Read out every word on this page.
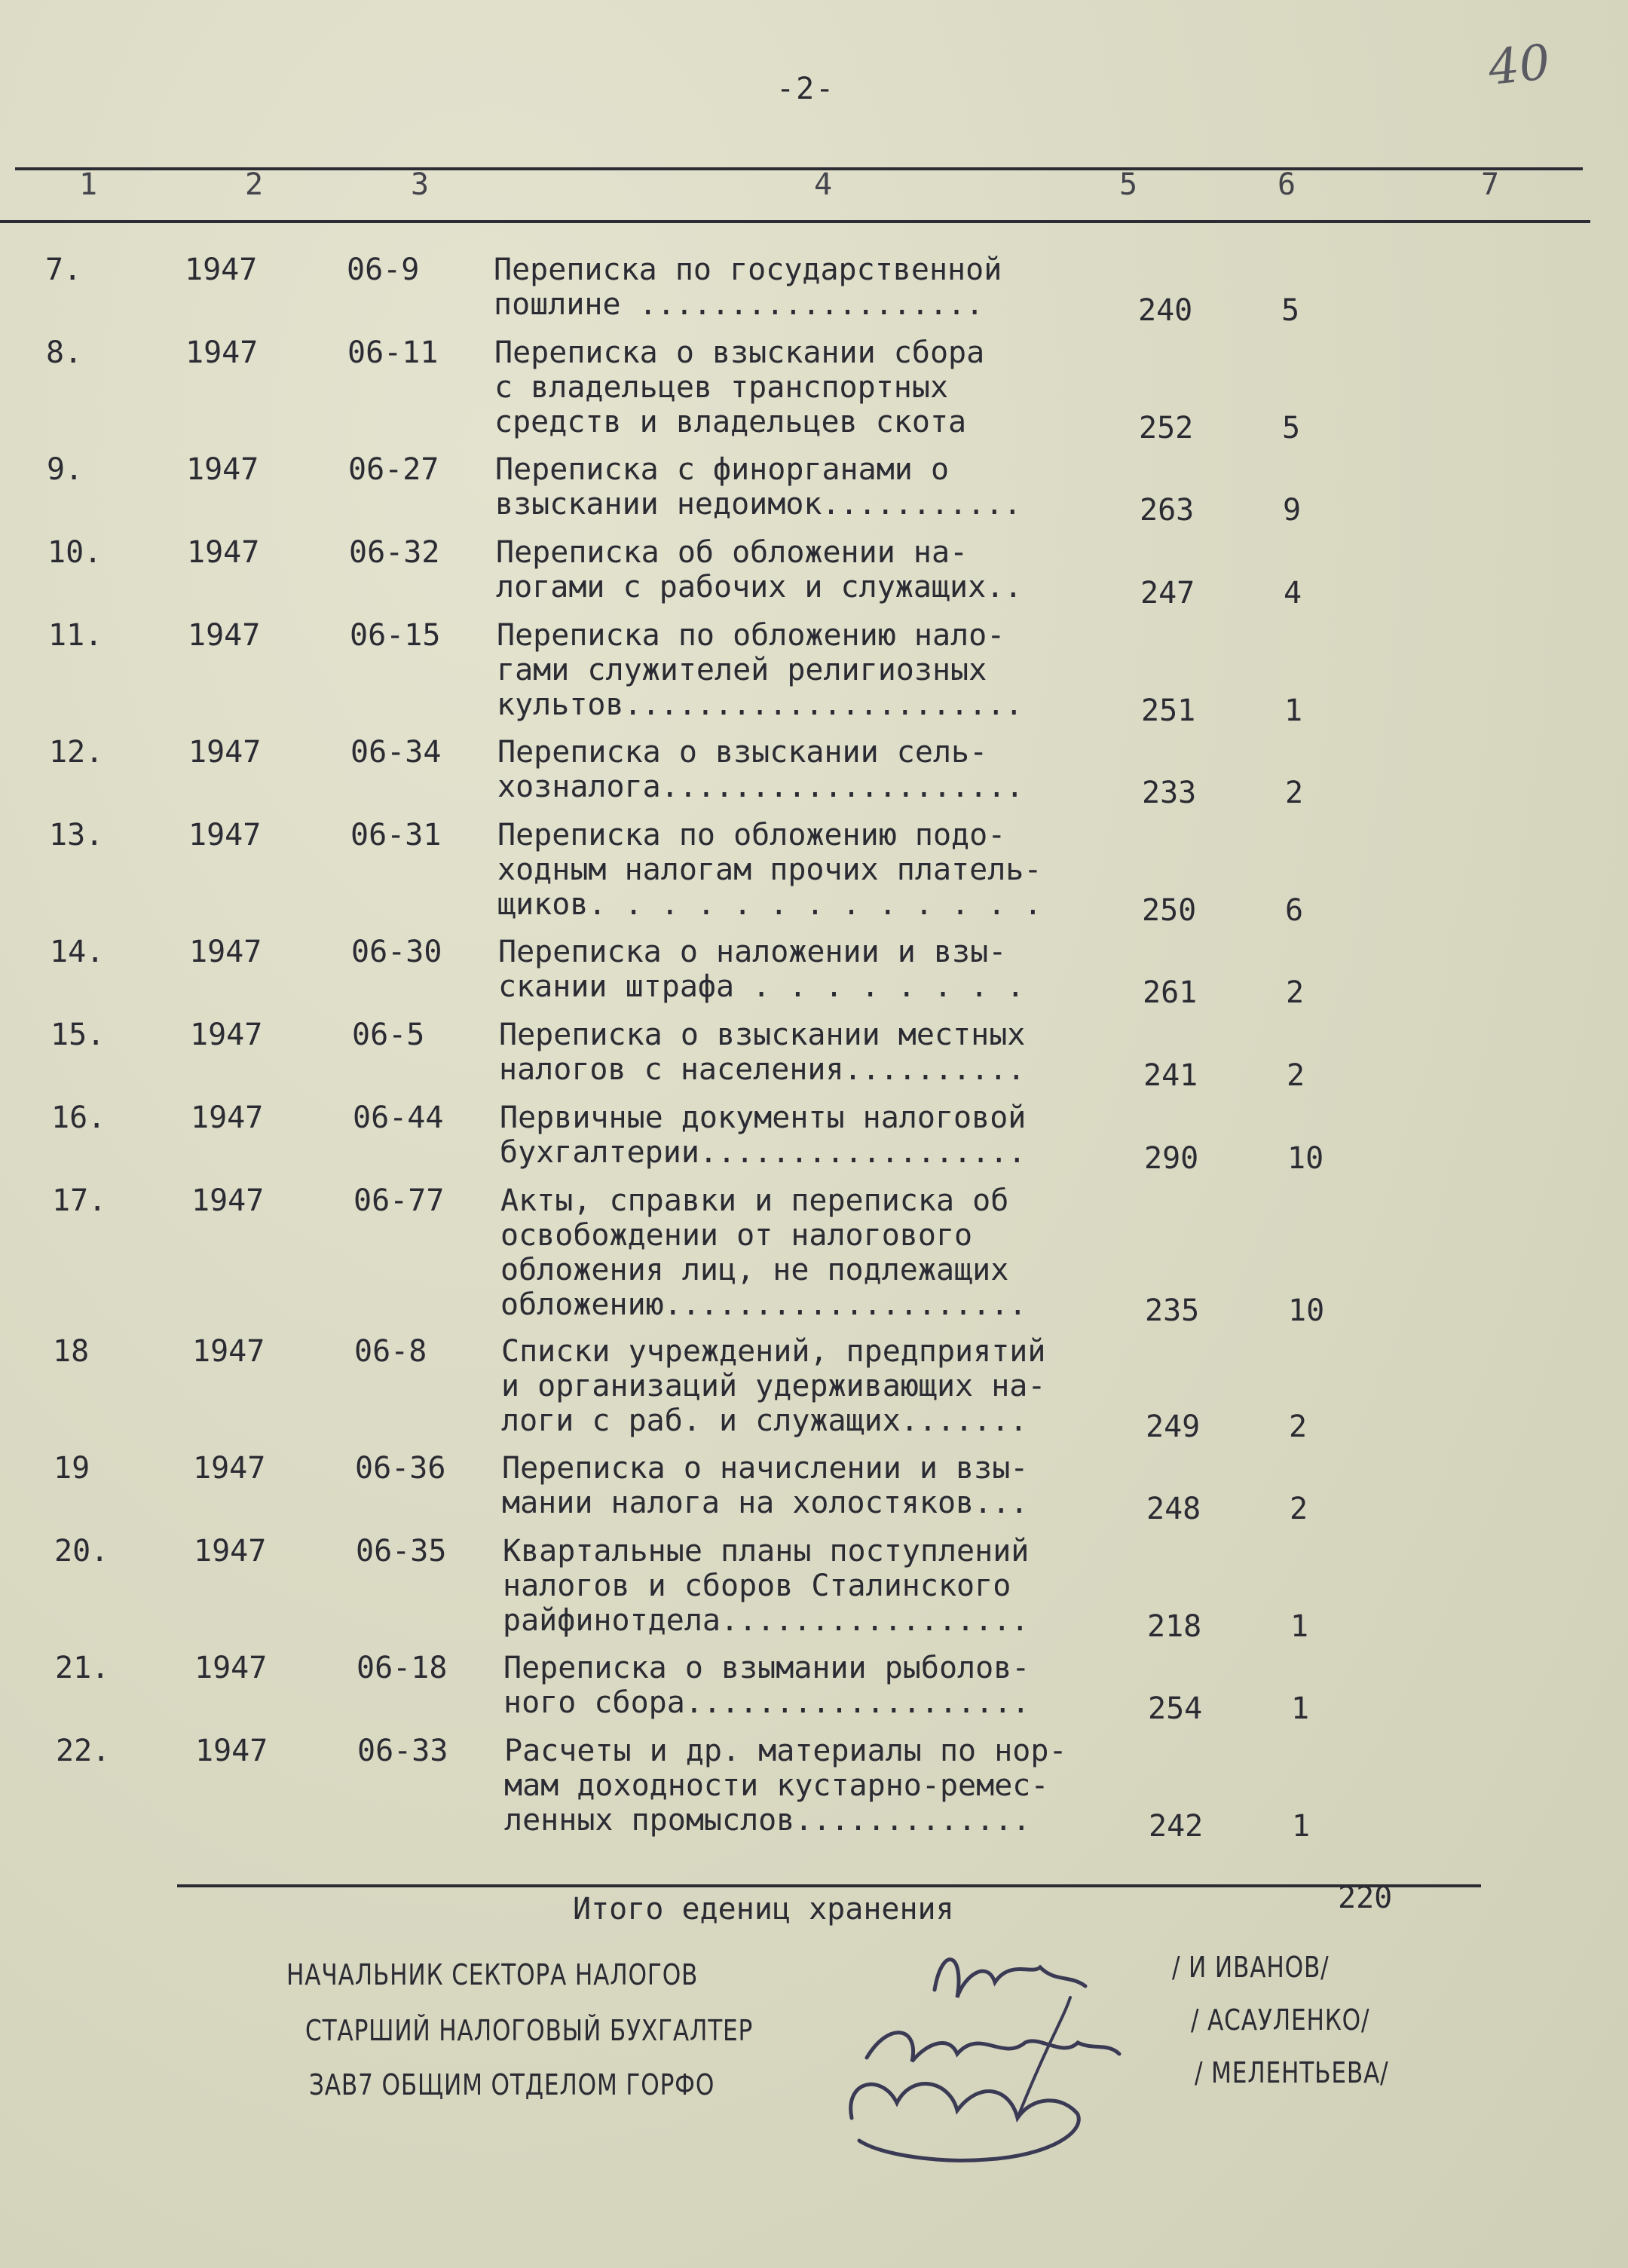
40
-2-
1	2	3	4	5	6	7
7.	1947	06-9 Переписка по государственной
пошлине ...................	240	5
8.	1947	06-11 Переписка о взыскании сбора
с владельцев транспортных
средств и владельцев скота	252	5
9.	1947	06-27 Переписка с финорганами о
взыскании недоимок...........	263	9
10.	1947	06-32 Переписка об обложении на-
логами с рабочих и служащих..	247	4
11.	1947	06-15 Переписка по обложению нало-
гами служителей религиозных
культов......................	251	1
12.	1947	06-34 Переписка о взыскании сель-
хозналога....................	233	2
13.	1947	06-31 Переписка по обложению подо-
ходным налогам прочих платель-
щиков. . . . . . . . . . . . .	250	6
14.	1947	06-30 Переписка о наложении и взы-
скании штрафа . . . . . . . .	261	2
15.	1947	06-5 Переписка о взыскании местных
налогов с населения..........	241	2
16.	1947	06-44 Первичные документы налоговой
бухгалтерии..................	290	10
17.	1947	06-77 Акты, справки и переписка об
освобождении от налогового
обложения лиц, не подлежащих
обложению....................	235	10
18	1947	06-8 Списки учреждений, предприятий
и организаций удерживающих на-
логи с раб. и служащих.......	249	2
19	1947	06-36 Переписка о начислении и взы-
мании налога на холостяков...	248	2
20.	1947	06-35 Квартальные планы поступлений
налогов и сборов Сталинского
райфинотдела.................	218	1
21.	1947	06-18 Переписка о взымании рыболов-
ного сбора...................	254	1
22.	1947	06-33 Расчеты и др. материалы по нор-
мам доходности кустарно-ремес-
ленных промыслов.............	242	1
Итого едениц хранения	220
НАЧАЛЬНИК СЕКТОРА НАЛОГОВ	/ И ИВАНОВ/
СТАРШИЙ НАЛОГОВЫЙ БУХГАЛТЕР	/ АСАУЛЕНКО/
ЗАВ7 ОБЩИМ ОТДЕЛОМ ГОРФО	/ МЕЛЕНТЬЕВА/
